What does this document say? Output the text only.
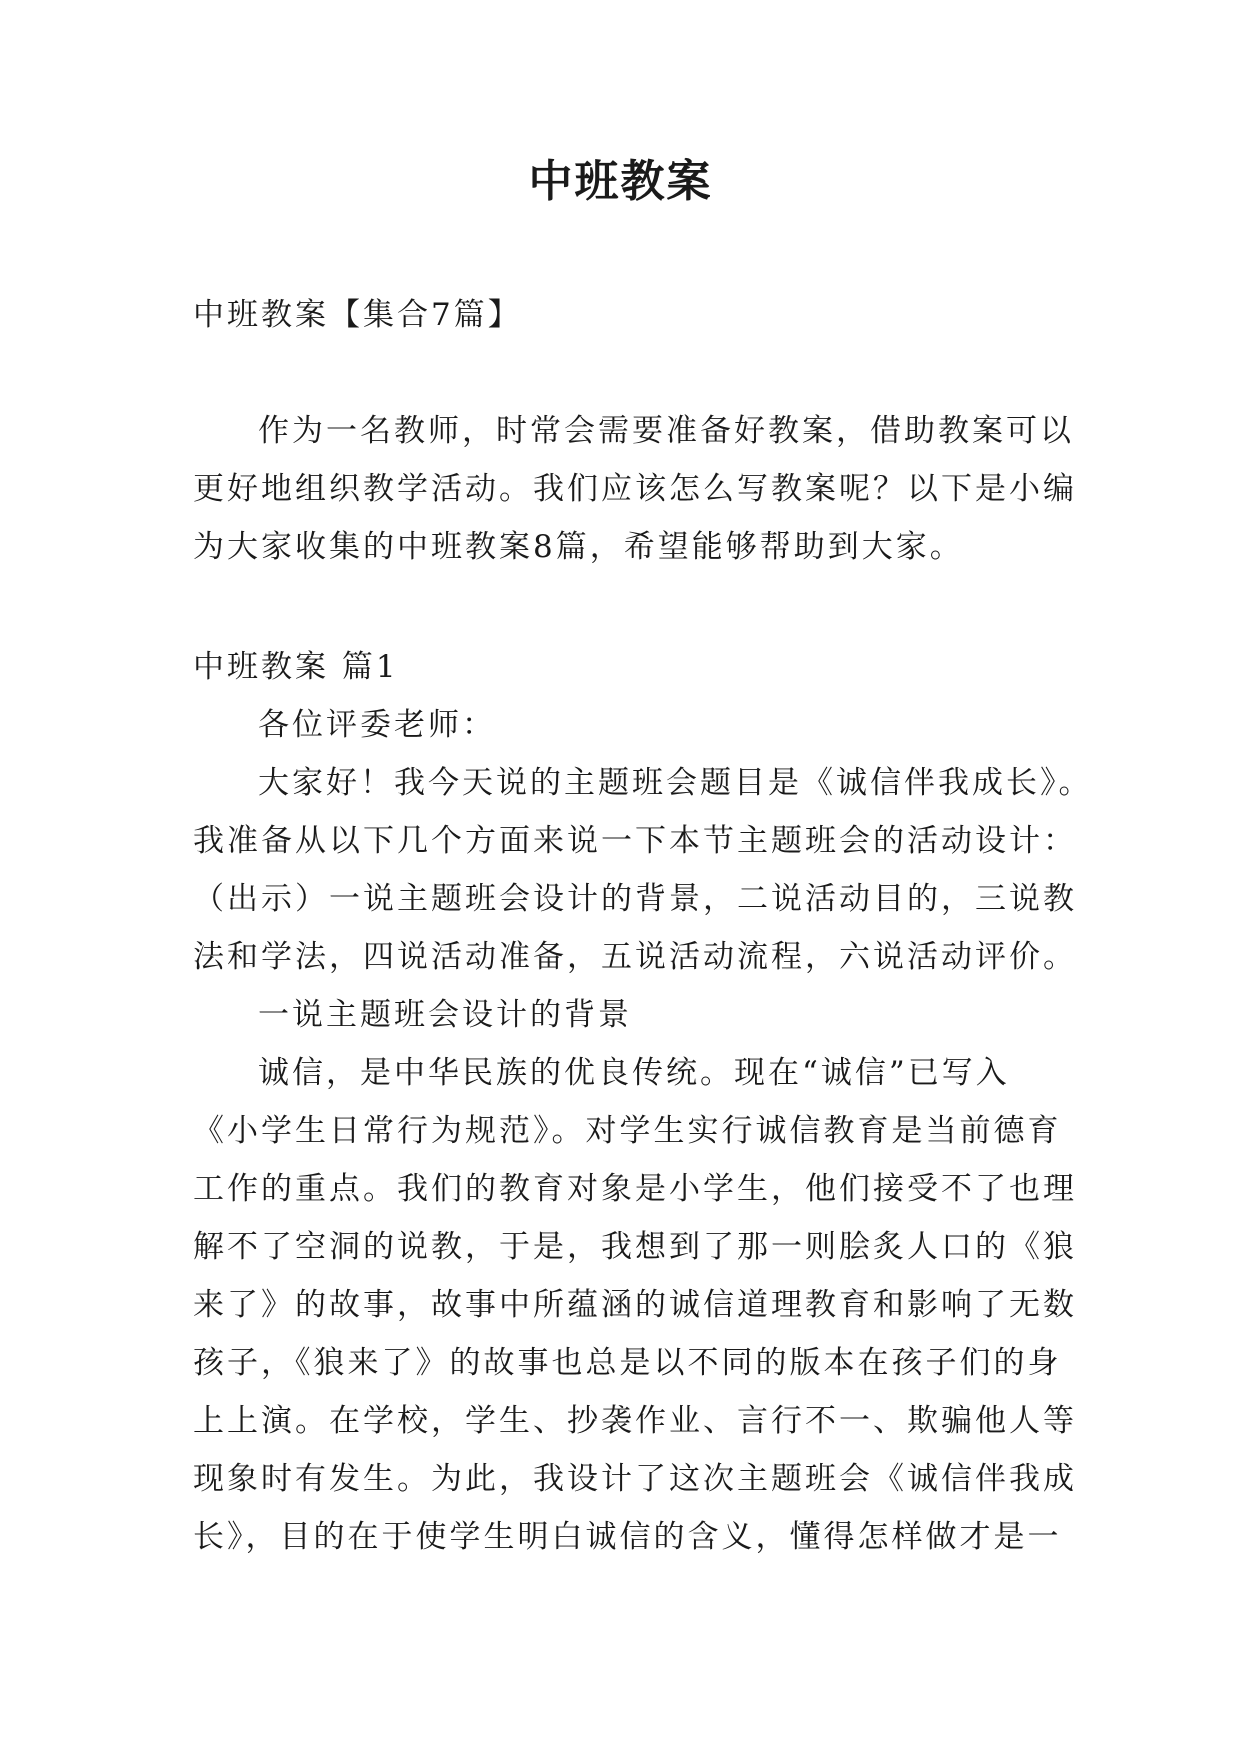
中班教案
中班教案【集合7篇】
作为一名教师，时常会需要准备好教案，借助教案可以
更好地组织教学活动。我们应该怎么写教案呢？以下是小编
为大家收集的中班教案8篇，希望能够帮助到大家。
中班教案 篇1
各位评委老师：
大家好！我今天说的主题班会题目是《诚信伴我成长》。
我准备从以下几个方面来说一下本节主题班会的活动设计：
（出示）一说主题班会设计的背景，二说活动目的，三说教
法和学法，四说活动准备，五说活动流程，六说活动评价。
一说主题班会设计的背景
诚信，是中华民族的优良传统。现在“诚信”已写入
《小学生日常行为规范》。对学生实行诚信教育是当前德育
工作的重点。我们的教育对象是小学生，他们接受不了也理
解不了空洞的说教，于是，我想到了那一则脍炙人口的《狼
来了》的故事，故事中所蕴涵的诚信道理教育和影响了无数
孩子，《狼来了》的故事也总是以不同的版本在孩子们的身
上上演。在学校，学生、抄袭作业、言行不一、欺骗他人等
现象时有发生。为此，我设计了这次主题班会《诚信伴我成
长》，目的在于使学生明白诚信的含义，懂得怎样做才是一
